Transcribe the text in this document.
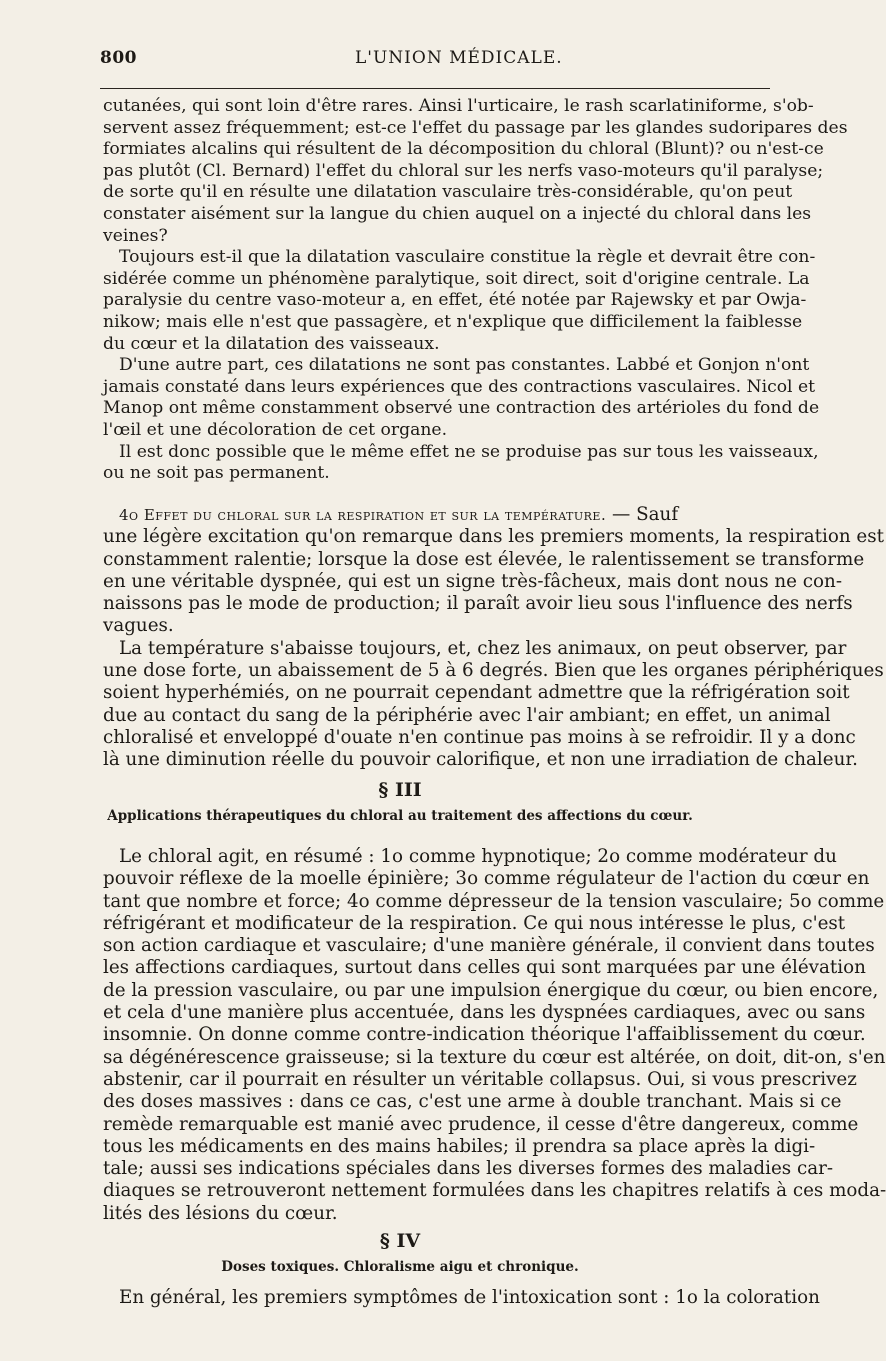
800	L'UNION MÉDICALE.
cutanées, qui sont loin d'être rares. Ainsi l'urticaire, le rash scarlatiniforme, s'ob-
servent assez fréquemment; est-ce l'effet du passage par les glandes sudoripares des
formiates alcalins qui résultent de la décomposition du chloral (Blunt)? ou n'est-ce
pas plutôt (Cl. Bernard) l'effet du chloral sur les nerfs vaso-moteurs qu'il paralyse;
de sorte qu'il en résulte une dilatation vasculaire très-considérable, qu'on peut
constater aisément sur la langue du chien auquel on a injecté du chloral dans les
veines?
Toujours est-il que la dilatation vasculaire constitue la règle et devrait être con-
sidérée comme un phénomène paralytique, soit direct, soit d'origine centrale. La
paralysie du centre vaso-moteur a, en effet, été notée par Rajewsky et par Owja-
nikow; mais elle n'est que passagère, et n'explique que difficilement la faiblesse
du cœur et la dilatation des vaisseaux.
D'une autre part, ces dilatations ne sont pas constantes. Labbé et Gonjon n'ont
jamais constaté dans leurs expériences que des contractions vasculaires. Nicol et
Manop ont même constamment observé une contraction des artérioles du fond de
l'œil et une décoloration de cet organe.
Il est donc possible que le même effet ne se produise pas sur tous les vaisseaux,
ou ne soit pas permanent.
4o Effet du chloral sur la respiration et sur la température. — Sauf
une légère excitation qu'on remarque dans les premiers moments, la respiration est
constamment ralentie; lorsque la dose est élevée, le ralentissement se transforme
en une véritable dyspnée, qui est un signe très-fâcheux, mais dont nous ne con-
naissons pas le mode de production; il paraît avoir lieu sous l'influence des nerfs
vagues.
La température s'abaisse toujours, et, chez les animaux, on peut observer, par
une dose forte, un abaissement de 5 à 6 degrés. Bien que les organes périphériques
soient hyperhémiés, on ne pourrait cependant admettre que la réfrigération soit
due au contact du sang de la périphérie avec l'air ambiant; en effet, un animal
chloralisé et enveloppé d'ouate n'en continue pas moins à se refroidir. Il y a donc
là une diminution réelle du pouvoir calorifique, et non une irradiation de chaleur.
§ III
Applications thérapeutiques du chloral au traitement des affections du cœur.
Le chloral agit, en résumé : 1o comme hypnotique; 2o comme modérateur du
pouvoir réflexe de la moelle épinière; 3o comme régulateur de l'action du cœur en
tant que nombre et force; 4o comme dépresseur de la tension vasculaire; 5o comme
réfrigérant et modificateur de la respiration. Ce qui nous intéresse le plus, c'est
son action cardiaque et vasculaire; d'une manière générale, il convient dans toutes
les affections cardiaques, surtout dans celles qui sont marquées par une élévation
de la pression vasculaire, ou par une impulsion énergique du cœur, ou bien encore,
et cela d'une manière plus accentuée, dans les dyspnées cardiaques, avec ou sans
insomnie. On donne comme contre-indication théorique l'affaiblissement du cœur.
sa dégénérescence graisseuse; si la texture du cœur est altérée, on doit, dit-on, s'en
abstenir, car il pourrait en résulter un véritable collapsus. Oui, si vous prescrivez
des doses massives : dans ce cas, c'est une arme à double tranchant. Mais si ce
remède remarquable est manié avec prudence, il cesse d'être dangereux, comme
tous les médicaments en des mains habiles; il prendra sa place après la digi-
tale; aussi ses indications spéciales dans les diverses formes des maladies car-
diaques se retrouveront nettement formulées dans les chapitres relatifs à ces moda-
lités des lésions du cœur.
§ IV
Doses toxiques. Chloralisme aigu et chronique.
En général, les premiers symptômes de l'intoxication sont : 1o la coloration
